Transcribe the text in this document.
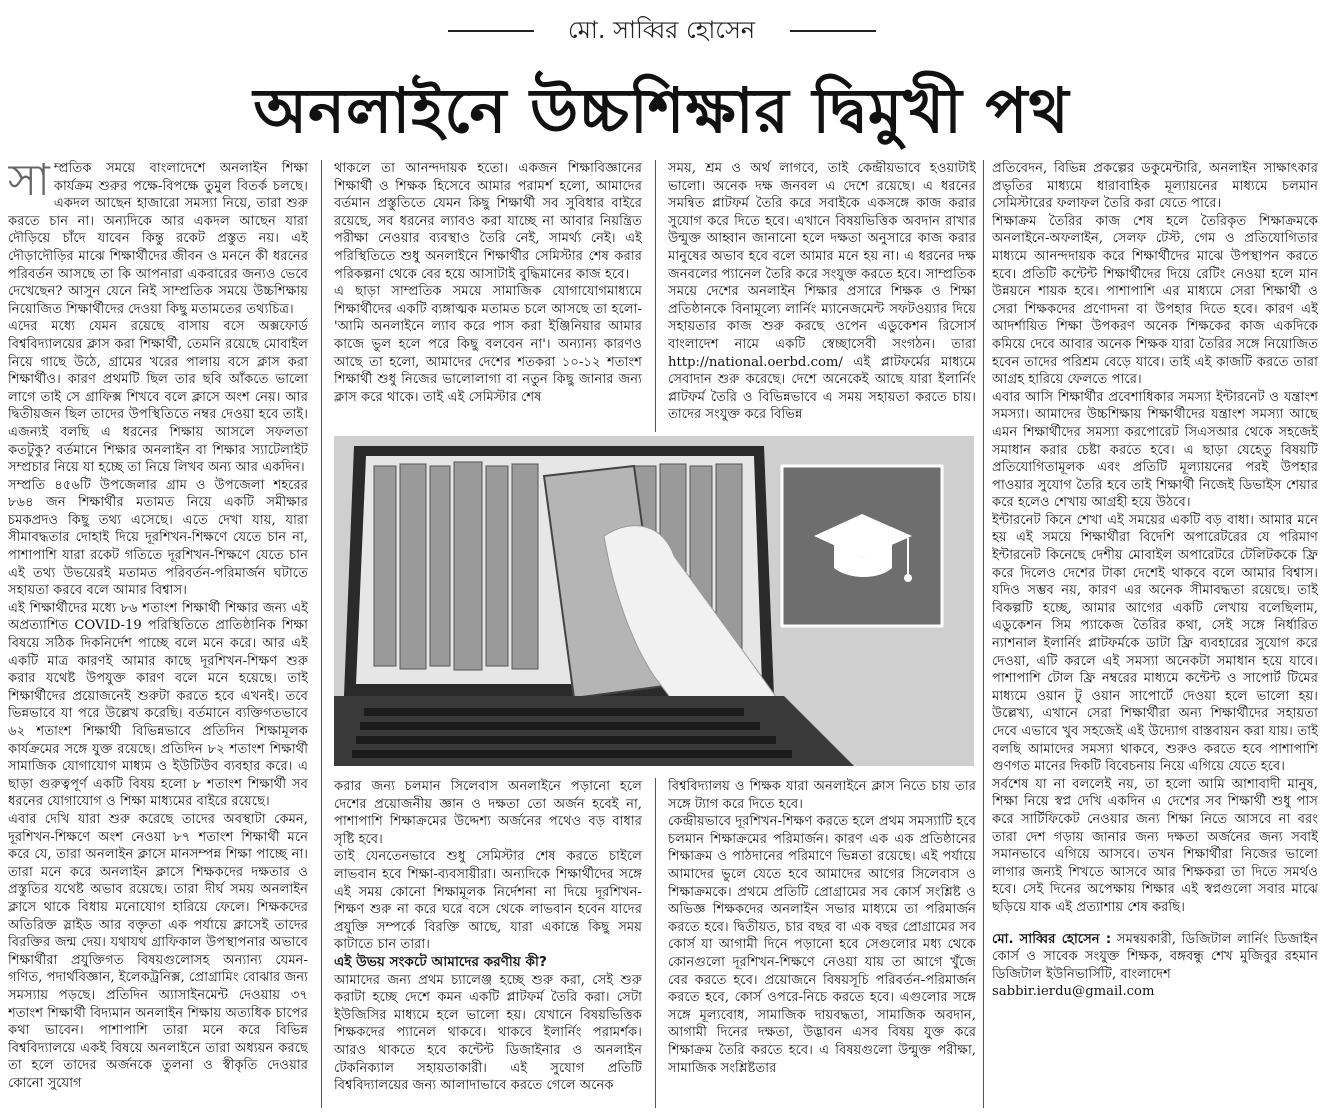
মো. সাব্বির হোসেন
অনলাইনে উচ্চশিক্ষার দ্বিমুখী পথ

সাম্প্রতিক সময়ে বাংলাদেশে অনলাইন শিক্ষা কার্যক্রম শুরুর পক্ষে-বিপক্ষে তুমুল বিতর্ক চলছে। একদল আছেন হাজারো সমস্যা নিয়ে, তারা শুরু করতে চান না। অন্যদিকে আর একদল আছেন যারা দৌড়িয়ে চাঁদে যাবেন কিন্তু রকেট প্রস্তুত নয়। এই দৌড়াদৌড়ির মাঝে শিক্ষার্থীদের জীবন ও মননে কী ধরনের পরিবর্তন আসছে তা কি আপনারা একবারের জন্যও ভেবে দেখেছেন? আসুন যেনে নিই সাম্প্রতিক সময়ে উচ্চশিক্ষায় নিয়োজিত শিক্ষার্থীদের দেওয়া কিছু মতামতের তথ্যচিত্র।

এদের মধ্যে যেমন রয়েছে বাসায় বসে অক্সফোর্ড বিশ্ববিদ্যালয়ের ক্লাস করা শিক্ষার্থী, তেমনি রয়েছে মোবাইল নিয়ে গাছে উঠে, গ্রামের খরের পালায় বসে ক্লাস করা শিক্ষার্থীও। কারণ প্রথমটি ছিল তার ছবি আঁকতে ভালো লাগে তাই সে গ্রাফিক্স শিখবে বলে ক্লাসে অংশ নেয়। আর দ্বিতীয়জন ছিল তাদের উপস্থিতিতে নম্বর দেওয়া হবে তাই। এজন্যই বলছি এ ধরনের শিক্ষায় আসলে সফলতা কতটুকু? বর্তমানে শিক্ষার অনলাইন বা শিক্ষার স্যাটেলাইট সম্প্রচার নিয়ে যা হচ্ছে তা নিয়ে লিখব অন্য আর একদিন।

সম্প্রতি ৪৫৬টি উপজেলার গ্রাম ও উপজেলা শহরের ৮৬৪ জন শিক্ষার্থীর মতামত নিয়ে একটি সমীক্ষার চমকপ্রদও কিছু তথ্য এসেছে। এতে দেখা যায়, যারা সীমাবদ্ধতার দোহাই দিয়ে দূরশিখন-শিক্ষণে যেতে চান না, পাশাপাশি যারা রকেট গতিতে দূরশিখন-শিক্ষণে যেতে চান এই তথ্য উভয়েরই মতামত পরিবর্তন-পরিমার্জন ঘটাতে সহায়তা করবে বলে আমার বিশ্বাস।

এই শিক্ষার্থীদের মধ্যে ৮৬ শতাংশ শিক্ষার্থী শিক্ষার জন্য এই অপ্রত্যাশিত COVID-19 পরিস্থিতিতে প্রাতিষ্ঠানিক শিক্ষা বিষয়ে সঠিক দিকনির্দেশ পাচ্ছে বলে মনে করে। আর এই একটি মাত্র কারণই আমার কাছে দূরশিখন-শিক্ষণ শুরু করার যথেষ্ট উপযুক্ত কারণ বলে মনে হয়েছে। তাই শিক্ষার্থীদের প্রয়োজনেই শুরুটা করতে হবে এখনই। তবে ভিন্নভাবে যা পরে উল্লেখ করেছি। বর্তমানে ব্যক্তিগতভাবে ৬২ শতাংশ শিক্ষার্থী বিভিন্নভাবে প্রতিদিন শিক্ষামূলক কার্যক্রমের সঙ্গে যুক্ত রয়েছে। প্রতিদিন ৮২ শতাংশ শিক্ষার্থী সামাজিক যোগাযোগ মাধ্যম ও ইউটিউব ব্যবহার করে। এ ছাড়া গুরুত্বপূর্ণ একটি বিষয় হলো ৮ শতাংশ শিক্ষার্থী সব ধরনের যোগাযোগ ও শিক্ষা মাধ্যমের বাইরে রয়েছে।

এবার দেখি যারা শুরু করেছে তাদের অবস্থাটা কেমন, দূরশিখন-শিক্ষণে অংশ নেওয়া ৮৭ শতাংশ শিক্ষার্থী মনে করে যে, তারা অনলাইন ক্লাসে মানসম্পন্ন শিক্ষা পাচ্ছে না। তারা মনে করে অনলাইন ক্লাসে শিক্ষকদের দক্ষতার ও প্রস্তুতির যথেষ্ট অভাব রয়েছে। তারা দীর্ঘ সময় অনলাইন ক্লাসে থাকে বিধায় মনোযোগ হারিয়ে ফেলে। শিক্ষকদের অতিরিক্ত স্লাইড আর বক্তৃতা এক পর্যায়ে ক্লাসেই তাদের বিরক্তির জন্ম দেয়। যথাযথ গ্রাফিকাল উপস্থাপনার অভাবে শিক্ষার্থীরা প্রযুক্তিগত বিষয়গুলোসহ অন্যান্য যেমন- গণিত, পদার্থবিজ্ঞান, ইলেকট্রনিক্স, প্রোগ্রামিং বোঝার জন্য সমস্যায় পড়ছে। প্রতিদিন অ্যাসাইনমেন্ট দেওয়ায় ৩৭ শতাংশ শিক্ষার্থী বিদ্যমান অনলাইন শিক্ষায় অত্যধিক চাপের কথা ভাবেন। পাশাপাশি তারা মনে করে বিভিন্ন বিশ্ববিদ্যালয়ে একই বিষয়ে অনলাইনে তারা অধ্যয়ন করছে তা হলে তাদের অর্জনকে তুলনা ও স্বীকৃতি দেওয়ার কোনো সুযোগ

থাকলে তা আনন্দদায়ক হতো। একজন শিক্ষাবিজ্ঞানের শিক্ষার্থী ও শিক্ষক হিসেবে আমার পরামর্শ হলো, আমাদের বর্তমান প্রস্তুতিতে যেমন কিছু শিক্ষার্থী সব সুবিধার বাইরে রয়েছে, সব ধরনের ল্যাবও করা যাচ্ছে না আবার নিয়ন্ত্রিত পরীক্ষা নেওয়ার ব্যবস্থাও তৈরি নেই, সামর্থ্য নেই। এই পরিস্থিতিতে শুধু অনলাইনে শিক্ষার্থীর সেমিস্টার শেষ করার পরিকল্পনা থেকে বের হয়ে আসাটাই বুদ্ধিমানের কাজ হবে।

এ ছাড়া সাম্প্রতিক সময়ে সামাজিক যোগাযোগমাধ্যমে শিক্ষার্থীদের একটি ব্যঙ্গাত্মক মতামত চলে আসছে তা হলো- 'আমি অনলাইনে ল্যাব করে পাস করা ইঞ্জিনিয়ার আমার কাজে ভুল হলে পরে কিছু বলবেন না'। অন্যান্য কারণও আছে তা হলো, আমাদের দেশের শতকরা ১০-১২ শতাংশ শিক্ষার্থী শুধু নিজের ভালোলাগা বা নতুন কিছু জানার জন্য ক্লাস করে থাকে। তাই এই সেমিস্টার শেষ

সময়, শ্রম ও অর্থ লাগবে, তাই কেন্দ্রীয়ভাবে হওয়াটাই ভালো। অনেক দক্ষ জনবল এ দেশে রয়েছে। এ ধরনের সমন্বিত প্লাটফর্ম তৈরি করে সবাইকে একসঙ্গে কাজ করার সুযোগ করে দিতে হবে। এখানে বিষয়ভিত্তিক অবদান রাখার উন্মুক্ত আহ্বান জানানো হলে দক্ষতা অনুসারে কাজ করার মানুষের অভাব হবে বলে আমার মনে হয় না। এ ধরনের দক্ষ জনবলের প্যানেল তৈরি করে সংযুক্ত করতে হবে। সাম্প্রতিক সময়ে দেশের অনলাইন শিক্ষার প্রসারে শিক্ষক ও শিক্ষা প্রতিষ্ঠানকে বিনামূল্যে লার্নিং ম্যানেজমেন্ট সফটওয়্যার দিয়ে সহায়তার কাজ শুরু করছে ওপেন এডুকেশন রিসোর্স বাংলাদেশ নামে একটি স্বেচ্ছাসেবী সংগঠন। তারা http://national.oerbd.com/ এই প্লাটফর্মের মাধ্যমে সেবাদান শুরু করেছে। দেশে অনেকেই আছে যারা ইলার্নিং প্লাটফর্ম তৈরি ও বিভিন্নভাবে এ সময় সহায়তা করতে চায়। তাদের সংযুক্ত করে বিভিন্ন

করার জন্য চলমান সিলেবাস অনলাইনে পড়ানো হলে দেশের প্রয়োজনীয় জ্ঞান ও দক্ষতা তো অর্জন হবেই না, পাশাপাশি শিক্ষাক্রমের উদ্দেশ্য অর্জনের পথেও বড় বাধার সৃষ্টি হবে।

তাই যেনতেনভাবে শুধু সেমিস্টার শেষ করতে চাইলে লাভবান হবে শিক্ষা-ব্যবসায়ীরা। অন্যদিকে শিক্ষার্থীদের সঙ্গে এই সময় কোনো শিক্ষামূলক নির্দেশনা না দিয়ে দূরশিখন-শিক্ষণ শুরু না করে ঘরে বসে থেকে লাভবান হবেন যাদের প্রযুক্তি সম্পর্কে বিরক্তি আছে, যারা একান্তে কিছু সময় কাটাতে চান তারা।

এই উভয় সংকটে আমাদের করণীয় কী?

আমাদের জন্য প্রথম চ্যালেঞ্জ হচ্ছে শুরু করা, সেই শুরু করাটা হচ্ছে দেশে কমন একটি প্লাটফর্ম তৈরি করা। সেটা ইউজিসির মাধ্যমে হলে ভালো হয়। যেখানে বিষয়ভিত্তিক শিক্ষকদের প্যানেল থাকবে। থাকবে ইলার্নিং পরামর্শক। আরও থাকতে হবে কন্টেন্ট ডিজাইনার ও অনলাইন টেকনিক্যাল সহায়তাকারী। এই সুযোগ প্রতিটি বিশ্ববিদ্যালয়ের জন্য আলাদাভাবে করতে গেলে অনেক

বিশ্ববিদ্যালয় ও শিক্ষক যারা অনলাইনে ক্লাস নিতে চায় তার সঙ্গে ট্যাগ করে দিতে হবে।

কেন্দ্রীয়ভাবে দূরশিখন-শিক্ষণ করতে হলে প্রথম সমস্যাটি হবে চলমান শিক্ষাক্রমের পরিমার্জন। কারণ এক এক প্রতিষ্ঠানের শিক্ষাক্রম ও পাঠদানের পরিমাণে ভিন্নতা রয়েছে। এই পর্যায়ে আমাদের ভুলে যেতে হবে আমাদের আগের সিলেবাস ও শিক্ষাক্রমকে। প্রথমে প্রতিটি প্রোগ্রামের সব কোর্স সংশ্লিষ্ট ও অভিজ্ঞ শিক্ষকদের অনলাইন সভার মাধ্যমে তা পরিমার্জন করতে হবে। দ্বিতীয়ত, চার বছর বা এক বছর প্রোগ্রামের সব কোর্স যা আগামী দিনে পড়ানো হবে সেগুলোর মধ্য থেকে কোনগুলো দূরশিখন-শিক্ষণে নেওয়া যায় তা আগে খুঁজে বের করতে হবে। প্রয়োজনে বিষয়সূচি পরিবর্তন-পরিমার্জন করতে হবে, কোর্স ওপরে-নিচে করতে হবে। এগুলোর সঙ্গে সঙ্গে মূল্যবোধ, সামাজিক দায়বদ্ধতা, সামাজিক অবদান, আগামী দিনের দক্ষতা, উদ্ভাবন এসব বিষয় যুক্ত করে শিক্ষাক্রম তৈরি করতে হবে। এ বিষয়গুলো উন্মুক্ত পরীক্ষা, সামাজিক সংশ্লিষ্টতার

প্রতিবেদন, বিভিন্ন প্রকল্পের ডকুমেন্টারি, অনলাইন সাক্ষাৎকার প্রভৃতির মাধ্যমে ধারাবাহিক মূল্যায়নের মাধ্যমে চলমান সেমিস্টারের ফলাফল তৈরি করা যেতে পারে।

শিক্ষাক্রম তৈরির কাজ শেষ হলে তৈরিকৃত শিক্ষাক্রমকে অনলাইনে-অফলাইন, সেলফ টেস্ট, গেম ও প্রতিযোগিতার মাধ্যমে আনন্দদায়ক করে শিক্ষার্থীদের মাঝে উপস্থাপন করতে হবে। প্রতিটি কন্টেন্ট শিক্ষার্থীদের দিয়ে রেটিং নেওয়া হলে মান উন্নয়নে শায়ক হবে। পাশাপাশি এর মাধ্যমে সেরা শিক্ষার্থী ও সেরা শিক্ষকদের প্রণোদনা বা উপহার দিতে হবে। কারণ এই আদর্শায়িত শিক্ষা উপকরণ অনেক শিক্ষকের কাজ একদিকে কমিয়ে দেবে আবার অনেক শিক্ষক যারা তৈরির সঙ্গে নিয়োজিত হবেন তাদের পরিশ্রম বেড়ে যাবে। তাই এই কাজটি করতে তারা আগ্রহ হারিয়ে ফেলতে পারে।

এবার আসি শিক্ষার্থীর প্রবেশাধিকার সমস্যা ইন্টারনেট ও যন্ত্রাংশ সমস্যা। আমাদের উচ্চশিক্ষায় শিক্ষার্থীদের যন্ত্রাংশ সমস্যা আছে এমন শিক্ষার্থীদের সমস্যা করপোরেট সিএসআর থেকে সহজেই সমাধান করার চেষ্টা করতে হবে। এ ছাড়া যেহেতু বিষয়টি প্রতিযোগিতামূলক এবং প্রতিটি মূল্যায়নের পরই উপহার পাওয়ার সুযোগ তৈরি হবে তাই শিক্ষার্থী নিজেই ডিভাইস শেয়ার করে হলেও শেখায় আগ্রহী হয়ে উঠবে।

ইন্টারনেট কিনে শেখা এই সময়ের একটি বড় বাধা। আমার মনে হয় এই সময়ে শিক্ষার্থীরা বিদেশি অপারেটরের যে পরিমাণ ইন্টারনেট কিনেছে দেশীয় মোবাইল অপারেটরে টেলিটককে ফ্রি করে দিলেও দেশের টাকা দেশেই থাকবে বলে আমার বিশ্বাস। যদিও সম্ভব নয়, কারণ এর অনেক সীমাবদ্ধতা রয়েছে। তাই বিকল্পটি হচ্ছে, আমার আগের একটি লেখায় বলেছিলাম, এডুকেশন সিম প্যাকেজ তৈরির কথা, সেই সঙ্গে নির্ধারিত ন্যাশনাল ইলার্নিং প্লাটফর্মকে ডাটা ফ্রি ব্যবহারের সুযোগ করে দেওয়া, এটি করলে এই সমস্যা অনেকটা সমাধান হয়ে যাবে। পাশাপাশি টোল ফ্রি নম্বরের মাধ্যমে কন্টেন্ট ও সাপোর্ট টিমের মাধ্যমে ওয়ান টু ওয়ান সাপোর্টে দেওয়া হলে ভালো হয়। উল্লেখ্য, এখানে সেরা শিক্ষার্থীরা অন্য শিক্ষার্থীদের সহায়তা দেবে এভাবে খুব সহজেই এই উদ্যোগ বাস্তবায়ন করা যায়। তাই বলছি আমাদের সমস্যা থাকবে, শুরুও করতে হবে পাশাপাশি গুণগত মানের দিকটি বিবেচনায় নিয়ে এগিয়ে যেতে হবে।

সর্বশেষ যা না বললেই নয়, তা হলো আমি আশাবাদী মানুষ, শিক্ষা নিয়ে স্বপ্ন দেখি একদিন এ দেশের সব শিক্ষার্থী শুধু পাস করে সার্টিফিকেট নেওয়ার জন্য শিক্ষা নিতে আসবে না বরং তারা দেশ গড়ায় জানার জন্য দক্ষতা অর্জনের জন্য সবাই সমানভাবে এগিয়ে আসবে। তখন শিক্ষার্থীরা নিজের ভালো লাগার জন্যই শিখতে আসবে আর শিক্ষকরা তা দিতে সমর্থও হবে। সেই দিনের অপেক্ষায় শিক্ষার এই স্বপ্নগুলো সবার মাঝে ছড়িয়ে যাক এই প্রত্যাশায় শেষ করছি।

মো. সাব্বির হোসেন : সমন্বয়কারী, ডিজিটাল লার্নিং ডিজাইন কোর্স ও সাবেক সংযুক্ত শিক্ষক, বঙ্গবন্ধু শেখ মুজিবুর রহমান ডিজিটাল ইউনিভার্সিটি, বাংলাদেশ
sabbir.ierdu@gmail.com
